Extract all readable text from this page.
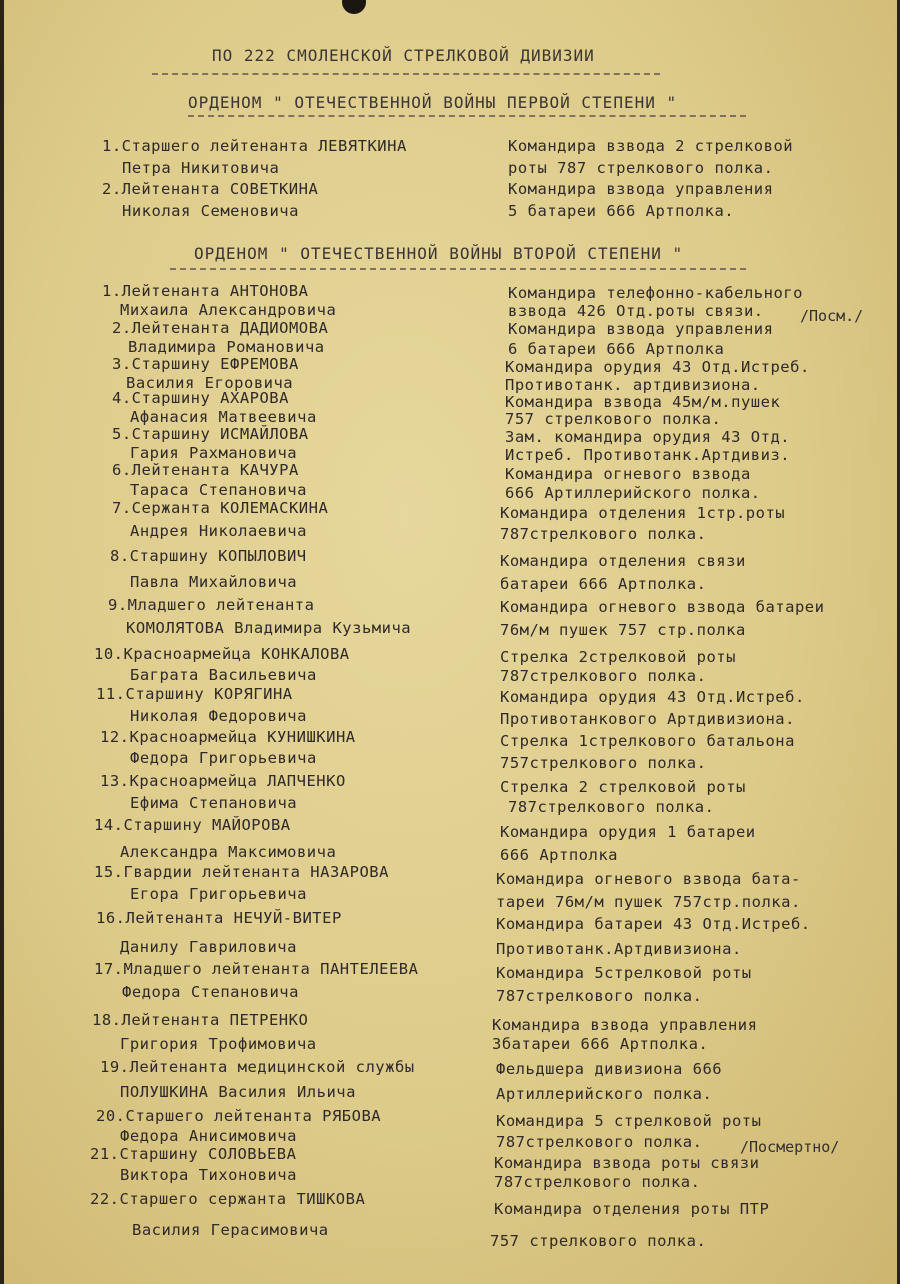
ПО 222 СМОЛЕНСКОЙ СТРЕЛКОВОЙ ДИВИЗИИ
ОРДЕНОМ " ОТЕЧЕСТВЕННОЙ ВОЙНЫ ПЕРВОЙ СТЕПЕНИ "
1.Старшего лейтенанта ЛЕВЯТКИНА
Петра Никитовича
Командира взвода 2 стрелковой
роты 787 стрелкового полка.
2.Лейтенанта СОВЕТКИНА
Николая Семеновича
Командира взвода управления
5 батареи 666 Артполка.
ОРДЕНОМ " ОТЕЧЕСТВЕННОЙ ВОЙНЫ ВТОРОЙ СТЕПЕНИ "
1.Лейтенанта АНТОНОВА
Михаила Александровича
Командира телефонно-кабельного
взвода 426 Отд.роты связи.
2.Лейтенанта ДАДИОМОВА
Владимира Романовича
Командира взвода управления
6 батареи 666 Артполка
3.Старшину ЕФРЕМОВА
Василия Егоровича
Командира орудия 43 Отд.Истреб.
Противотанк. артдивизиона.
4.Старшину АХАРОВА
Афанасия Матвеевича
Командира взвода 45м/м.пушек
757 стрелкового полка.
5.Старшину ИСМАЙЛОВА
Гария Рахмановича
Зам. командира орудия 43 Отд.
Истреб. Противотанк.Артдивиз.
6.Лейтенанта КАЧУРА
Тараса Степановича
Командира огневого взвода
666 Артиллерийского полка.
7.Сержанта КОЛЕМАСКИНА
Андрея Николаевича
Командира отделения 1стр.роты
787стрелкового полка.
8.Старшину КОПЫЛОВИЧ
Павла Михайловича
Командира отделения связи
батареи 666 Артполка.
9.Младшего лейтенанта
КОМОЛЯТОВА Владимира Кузьмича
Командира огневого взвода батареи
76м/м пушек 757 стр.полка
10.Красноармейца КОНКАЛОВА
Баграта Васильевича
Стрелка 2стрелковой роты
787стрелкового полка.
11.Старшину КОРЯГИНА
Николая Федоровича
Командира орудия 43 Отд.Истреб.
Противотанкового Артдивизиона.
12.Красноармейца КУНИШКИНА
Федора Григорьевича
Стрелка 1стрелкового батальона
757стрелкового полка.
13.Красноармейца ЛАПЧЕНКО
Ефима Степановича
Стрелка 2 стрелковой роты
787стрелкового полка.
14.Старшину МАЙОРОВА
Александра Максимовича
Командира орудия 1 батареи
666 Артполка
15.Гвардии лейтенанта НАЗАРОВА
Егора Григорьевича
Командира огневого взвода бата-
тареи 76м/м пушек 757стр.полка.
16.Лейтенанта НЕЧУЙ-ВИТЕР
Данилу Гавриловича
Командира батареи 43 Отд.Истреб.
Противотанк.Артдивизиона.
17.Младшего лейтенанта ПАНТЕЛЕЕВА
Федора Степановича
Командира 5стрелковой роты
787стрелкового полка.
18.Лейтенанта ПЕТРЕНКО
Григория Трофимовича
Командира взвода управления
3батареи 666 Артполка.
19.Лейтенанта медицинской службы
ПОЛУШКИНА Василия Ильича
Фельдшера дивизиона 666
Артиллерийского полка.
20.Старшего лейтенанта РЯБОВА
Федора Анисимовича
Командира 5 стрелковой роты
787стрелкового полка.
21.Старшину СОЛОВЬЕВА
Виктора Тихоновича
Командира взвода роты связи
787стрелкового полка.
22.Старшего сержанта ТИШКОВА
Василия Герасимовича
Командира отделения роты ПТР
757 стрелкового полка.
/Посм./
/Посмертно/
